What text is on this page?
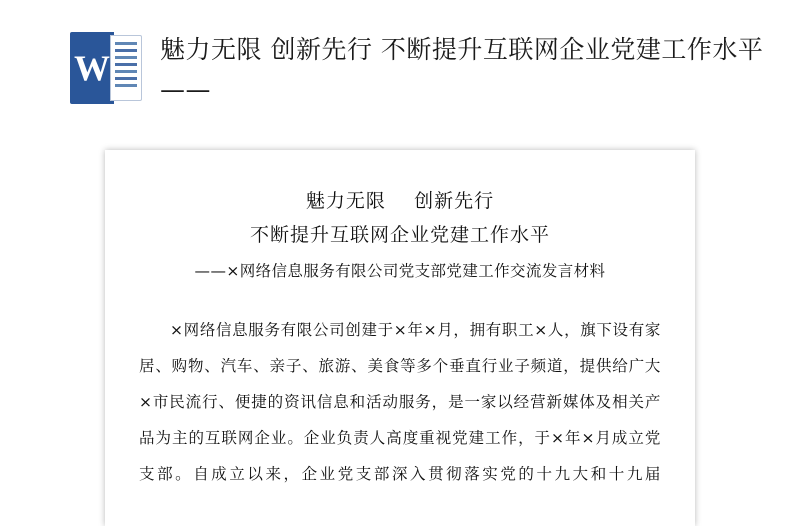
W 魅力无限 创新先行 不断提升互联网企业党建工作水平——
魅力无限    创新先行
不断提升互联网企业党建工作水平
——×网络信息服务有限公司党支部党建工作交流发言材料

×网络信息服务有限公司创建于×年×月，拥有职工×人，旗下设有家居、购物、汽车、亲子、旅游、美食等多个垂直行业子频道，提供给广大×市民流行、便捷的资讯信息和活动服务，是一家以经营新媒体及相关产品为主的互联网企业。企业负责人高度重视党建工作，于×年×月成立党支部。自成立以来，企业党支部深入贯彻落实党的十九大和十九届
